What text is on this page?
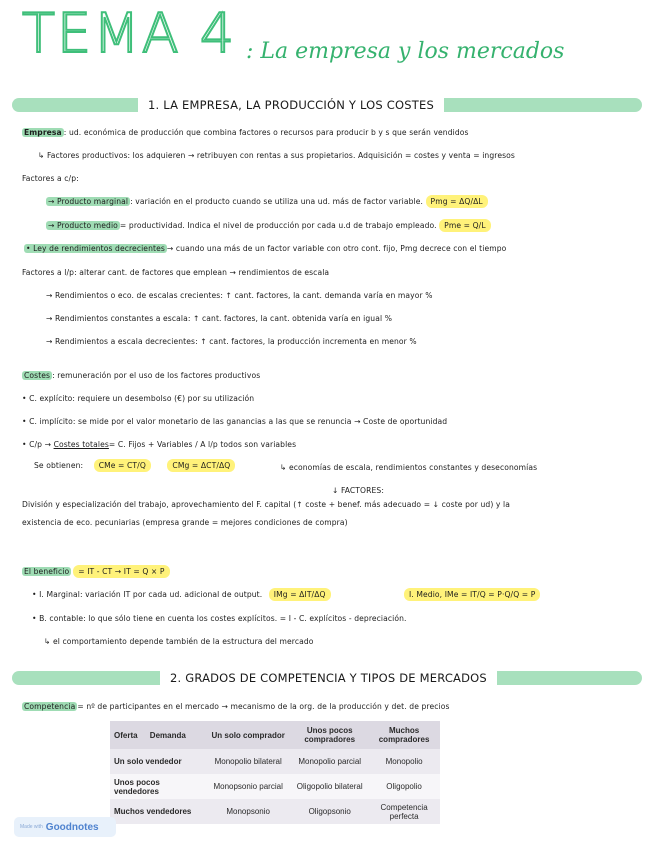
TEMA 4 : La empresa y los mercados
1. LA EMPRESA, LA PRODUCCIÓN Y LOS COSTES
Empresa : ud. económica de producción que combina factores o recursos para producir b y s que serán vendidos
↳ Factores productivos: los adquieren → retribuyen con rentas a sus propietarios. Adquisición = costes y venta = ingresos
Factores a c/p:
→ Producto marginal : variación en el producto cuando se utiliza una ud. más de factor variable. Pmg = ΔQ/ΔL
→ Producto medio = productividad. Indica el nivel de producción por cada u.d de trabajo empleado. Pme = Q/L
• Ley de rendimientos decrecientes → cuando una más de un factor variable con otro cont. fijo, Pmg decrece con el tiempo
Factores a l/p: alterar cant. de factores que emplean → rendimientos de escala
→ Rendimientos o eco. de escalas crecientes: ↑ cant. factores, la cant. demanda varía en mayor %
→ Rendimientos constantes a escala: ↑ cant. factores, la cant. obtenida varía en igual %
→ Rendimientos a escala decrecientes: ↑ cant. factores, la producción incrementa en menor %
Costes : remuneración por el uso de los factores productivos
• C. explícito: requiere un desembolso (€) por su utilización
• C. implícito: se mide por el valor monetario de las ganancias a las que se renuncia → Coste de oportunidad
• C/p → Costes totales= C. Fijos + Variables / A l/p todos son variables
Se obtienen: CMe = CT/Q	CMg = ΔCT/ΔQ	↳ economías de escala, rendimientos constantes y deseconomías
↓ FACTORES:
División y especialización del trabajo, aprovechamiento del F. capital (↑ coste + benef. más adecuado = ↓ coste por ud) y la
existencia de eco. pecuniarias (empresa grande = mejores condiciones de compra)
El beneficio = IT - CT → IT = Q × P
• I. Marginal: variación IT por cada ud. adicional de output. IMg = ΔIT/ΔQ	I. Medio, IMe = IT/Q = P·Q/Q = P
• B. contable: lo que sólo tiene en cuenta los costes explícitos. = I - C. explícitos - depreciación.
↳ el comportamiento depende también de la estructura del mercado
2. GRADOS DE COMPETENCIA Y TIPOS DE MERCADOS
Competencia = nº de participantes en el mercado → mecanismo de la org. de la producción y det. de precios
Oferta Demanda	Un solo comprador	Unos pocos compradores	Muchos compradores
Un solo vendedor	Monopolio bilateral	Monopolio parcial	Monopolio
Unos pocos vendedores	Monopsonio parcial	Oligopolio bilateral	Oligopolio
Muchos vendedores	Monopsonio	Oligopsonio	Competencia perfecta
Made with Goodnotes
